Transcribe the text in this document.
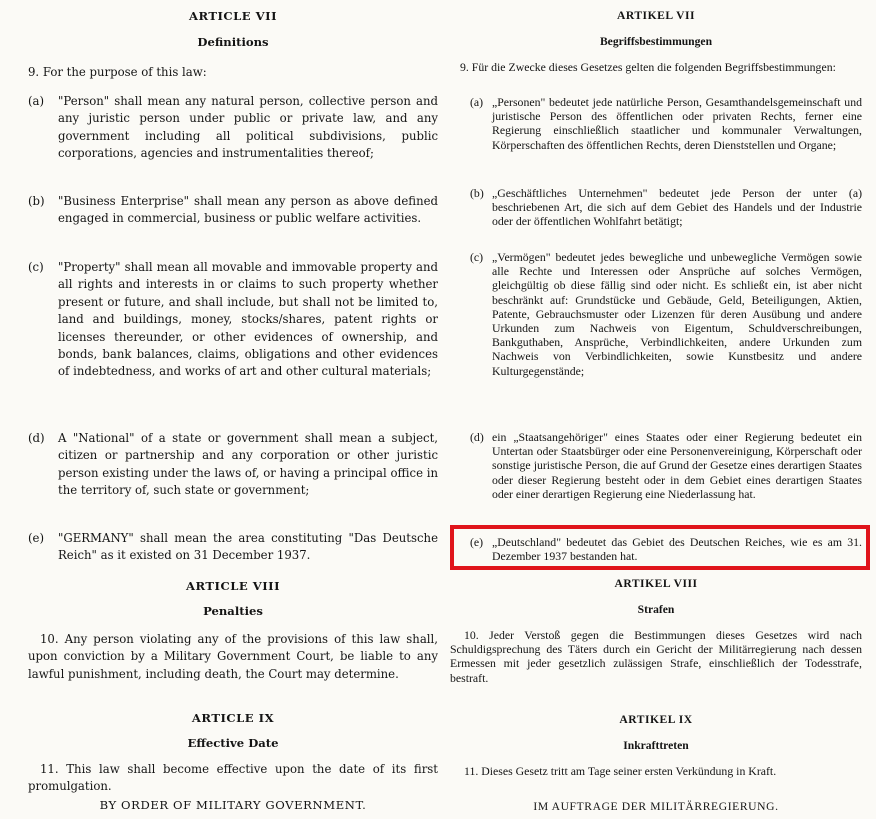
ARTICLE VII
Definitions

9. For the purpose of this law:

(a)	"Person" shall mean any natural person, collective person and any juristic person under public or private law, and any government including all political subdivisions, public corporations, agencies and instrumentalities thereof;
(b)	"Business Enterprise" shall mean any person as above defined engaged in commercial, business or public welfare activities.
(c)	"Property" shall mean all movable and immovable property and all rights and interests in or claims to such property whether present or future, and shall include, but shall not be limited to, land and buildings, money, stocks/shares, patent rights or licenses thereunder, or other evidences of ownership, and bonds, bank balances, claims, obligations and other evidences of indebtedness, and works of art and other cultural materials;
(d)	A "National" of a state or government shall mean a subject, citizen or partnership and any corporation or other juristic person existing under the laws of, or having a principal office in the territory of, such state or government;
(e)	"GERMANY" shall mean the area constituting "Das Deutsche Reich" as it existed on 31 December 1937.
ARTICLE VIII
Penalties

10. Any person violating any of the provisions of this law shall, upon conviction by a Military Government Court, be liable to any lawful punishment, including death, the Court may determine.

ARTICLE IX
Effective Date

11. This law shall become effective upon the date of its first promulgation.

BY ORDER OF MILITARY GOVERNMENT.
ARTIKEL VII
Begriffsbestimmungen

9. Für die Zwecke dieses Gesetzes gelten die folgenden Begriffsbestimmungen:

(a) „Personen" bedeutet jede natürliche Person, Gesamthandelsgemeinschaft und juristische Person des öffentlichen oder privaten Rechts, ferner eine Regierung einschließlich staatlicher und kommunaler Verwaltungen, Körperschaften des öffentlichen Rechts, deren Dienststellen und Organe;
(b) „Geschäftliches Unternehmen" bedeutet jede Person der unter (a) beschriebenen Art, die sich auf dem Gebiet des Handels und der Industrie oder der öffentlichen Wohlfahrt betätigt;
(c) „Vermögen" bedeutet jedes bewegliche und unbewegliche Vermögen sowie alle Rechte und Interessen oder Ansprüche auf solches Vermögen, gleichgültig ob diese fällig sind oder nicht. Es schließt ein, ist aber nicht beschränkt auf: Grundstücke und Gebäude, Geld, Beteiligungen, Aktien, Patente, Gebrauchsmuster oder Lizenzen für deren Ausübung und andere Urkunden zum Nachweis von Eigentum, Schuldverschreibungen, Bankguthaben, Ansprüche, Verbindlichkeiten, andere Urkunden zum Nachweis von Verbindlichkeiten, sowie Kunstbesitz und andere Kulturgegenstände;
(d) ein „Staatsangehöriger" eines Staates oder einer Regierung bedeutet ein Untertan oder Staatsbürger oder eine Personenvereinigung, Körperschaft oder sonstige juristische Person, die auf Grund der Gesetze eines derartigen Staates oder dieser Regierung besteht oder in dem Gebiet eines derartigen Staates oder einer derartigen Regierung eine Niederlassung hat.
(e) „Deutschland" bedeutet das Gebiet des Deutschen Reiches, wie es am 31. Dezember 1937 bestanden hat.
ARTIKEL VIII
Strafen

10. Jeder Verstoß gegen die Bestimmungen dieses Gesetzes wird nach Schuldigsprechung des Täters durch ein Gericht der Militärregierung nach dessen Ermessen mit jeder gesetzlich zulässigen Strafe, einschließlich der Todesstrafe, bestraft.

ARTIKEL IX
Inkrafttreten

11. Dieses Gesetz tritt am Tage seiner ersten Verkündung in Kraft.

IM AUFTRAGE DER MILITÄRREGIERUNG.
